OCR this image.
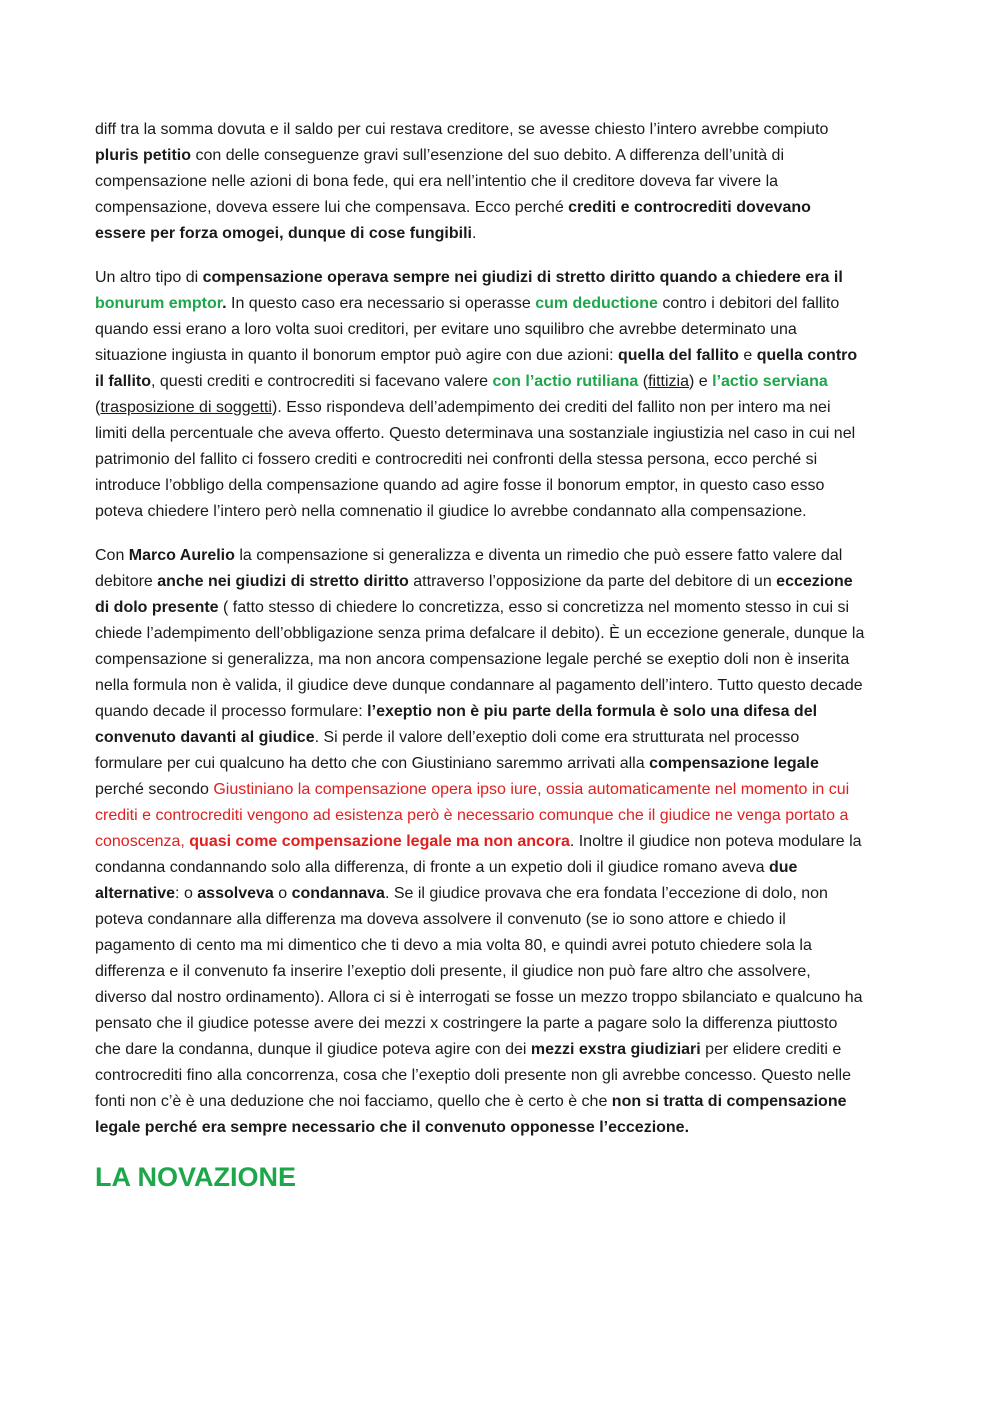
diff tra la somma dovuta e il saldo per cui restava creditore, se avesse chiesto l’intero avrebbe compiuto pluris petitio con delle conseguenze gravi sull’esenzione del suo debito. A differenza dell’unità di compensazione nelle azioni di bona fede, qui era nell’intentio che il creditore doveva far vivere la compensazione, doveva essere lui che compensava. Ecco perché crediti e controcrediti dovevano essere per forza omogei, dunque di cose fungibili.

Un altro tipo di compensazione operava sempre nei giudizi di stretto diritto quando a chiedere era il bonurum emptor. In questo caso era necessario si operasse cum deductione contro i debitori del fallito quando essi erano a loro volta suoi creditori, per evitare uno squilibro che avrebbe determinato una situazione ingiusta in quanto il bonorum emptor può agire con due azioni: quella del fallito e quella contro il fallito, questi crediti e controcrediti si facevano valere con l’actio rutiliana (fittizia) e l’actio serviana (trasposizione di soggetti). Esso rispondeva dell’adempimento dei crediti del fallito non per intero ma nei limiti della percentuale che aveva offerto. Questo determinava una sostanziale ingiustizia nel caso in cui nel patrimonio del fallito ci fossero crediti e controcrediti nei confronti della stessa persona, ecco perché si introduce l’obbligo della compensazione quando ad agire fosse il bonorum emptor, in questo caso esso poteva chiedere l’intero però nella comnenatio il giudice lo avrebbe condannato alla compensazione.

Con Marco Aurelio la compensazione si generalizza e diventa un rimedio che può essere fatto valere dal debitore anche nei giudizi di stretto diritto attraverso l’opposizione da parte del debitore di un eccezione di dolo presente ( fatto stesso di chiedere lo concretizza, esso si concretizza nel momento stesso in cui si chiede l’adempimento dell’obbligazione senza prima defalcare il debito). È un eccezione generale, dunque la compensazione si generalizza, ma non ancora compensazione legale perché se exeptio doli non è inserita nella formula non è valida, il giudice deve dunque condannare al pagamento dell’intero. Tutto questo decade quando decade il processo formulare: l’exeptio non è piu parte della formula è solo una difesa del convenuto davanti al giudice. Si perde il valore dell’exeptio doli come era strutturata nel processo formulare per cui qualcuno ha detto che con Giustiniano saremmo arrivati alla compensazione legale perché secondo Giustiniano la compensazione opera ipso iure, ossia automaticamente nel momento in cui crediti e controcrediti vengono ad esistenza però è necessario comunque che il giudice ne venga portato a conoscenza, quasi come compensazione legale ma non ancora. Inoltre il giudice non poteva modulare la condanna condannando solo alla differenza, di fronte a un expetio doli il giudice romano aveva due alternative: o assolveva o condannava. Se il giudice provava che era fondata l’eccezione di dolo, non poteva condannare alla differenza ma doveva assolvere il convenuto (se io sono attore e chiedo il pagamento di cento ma mi dimentico che ti devo a mia volta 80, e quindi avrei potuto chiedere sola la differenza e il convenuto fa inserire l’exeptio doli presente, il giudice non può fare altro che assolvere, diverso dal nostro ordinamento). Allora ci si è interrogati se fosse un mezzo troppo sbilanciato e qualcuno ha pensato che il giudice potesse avere dei mezzi x costringere la parte a pagare solo la differenza piuttosto che dare la condanna, dunque il giudice poteva agire con dei mezzi exstra giudiziari per elidere crediti e controcrediti fino alla concorrenza, cosa che l’exeptio doli presente non gli avrebbe concesso. Questo nelle fonti non c’è è una deduzione che noi facciamo, quello che è certo è che non si tratta di compensazione legale perché era sempre necessario che il convenuto opponesse l’eccezione.

LA NOVAZIONE
